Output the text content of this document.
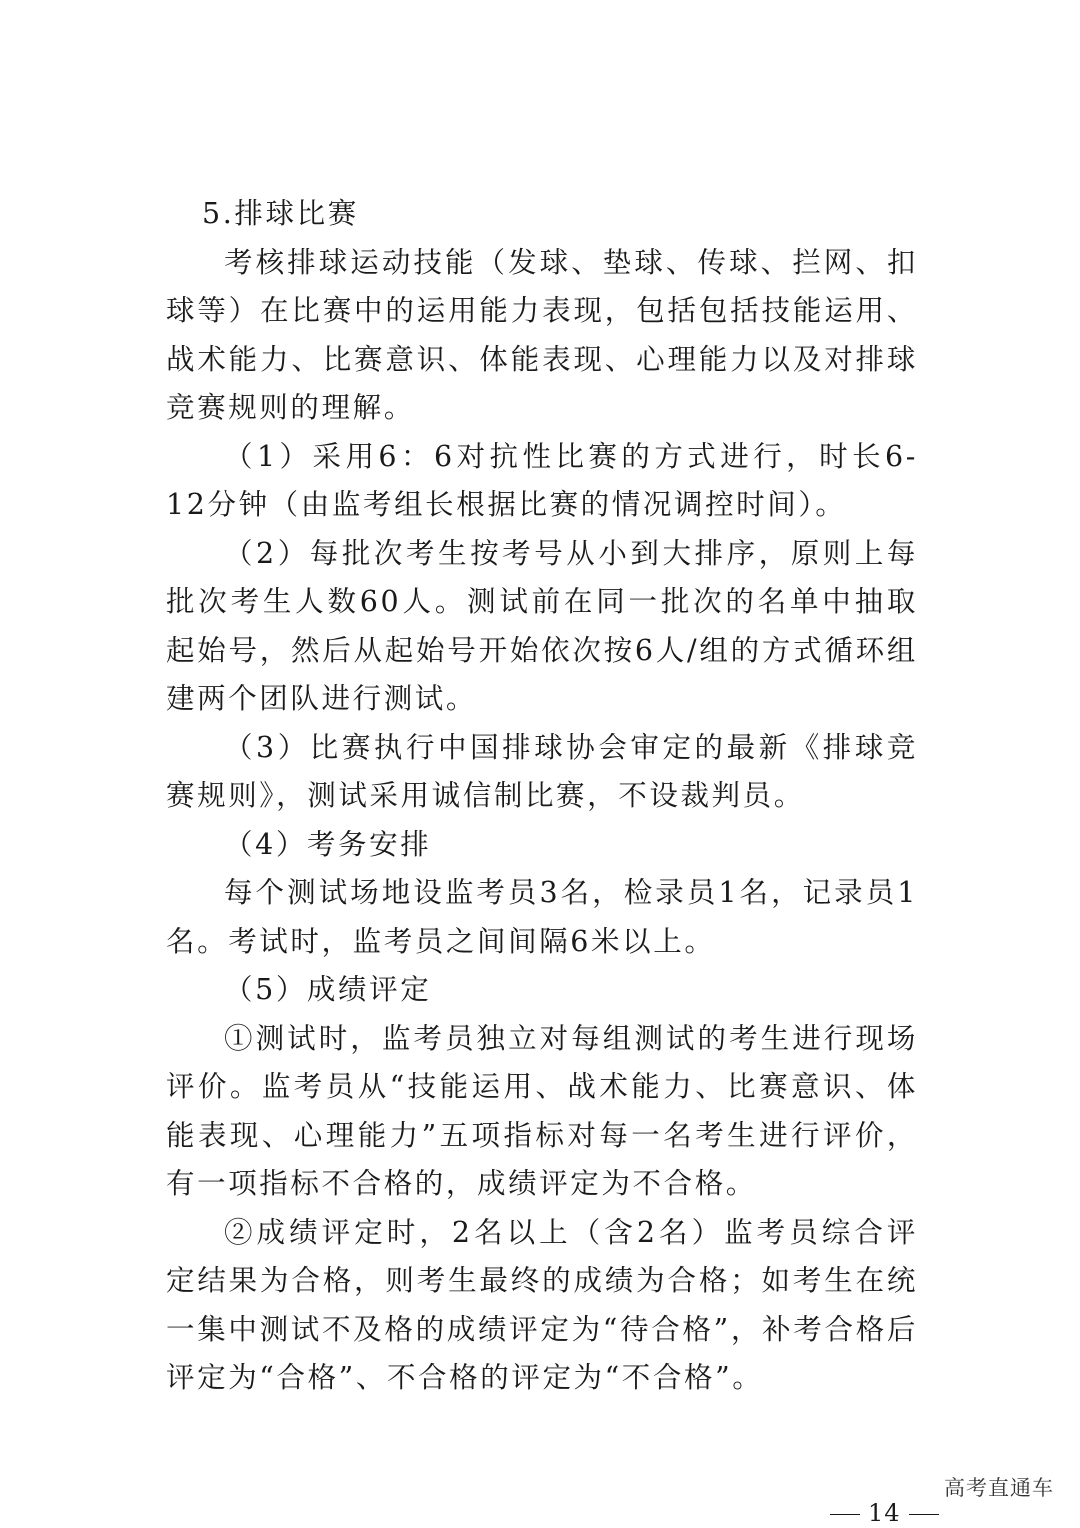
5.排球比赛

考核排球运动技能（发球、垫球、传球、拦网、扣球等）在比赛中的运用能力表现，包括包括技能运用、战术能力、比赛意识、体能表现、心理能力以及对排球竞赛规则的理解。

（1）采用6：6对抗性比赛的方式进行，时长6-12分钟（由监考组长根据比赛的情况调控时间）。

（2）每批次考生按考号从小到大排序，原则上每批次考生人数60人。测试前在同一批次的名单中抽取起始号，然后从起始号开始依次按6人/组的方式循环组建两个团队进行测试。

（3）比赛执行中国排球协会审定的最新《排球竞赛规则》，测试采用诚信制比赛，不设裁判员。

（4）考务安排

每个测试场地设监考员3名，检录员1名，记录员1名。考试时，监考员之间间隔6米以上。

（5）成绩评定

①测试时，监考员独立对每组测试的考生进行现场评价。监考员从“技能运用、战术能力、比赛意识、体能表现、心理能力”五项指标对每一名考生进行评价，有一项指标不合格的，成绩评定为不合格。

②成绩评定时，2名以上（含2名）监考员综合评定结果为合格，则考生最终的成绩为合格；如考生在统一集中测试不及格的成绩评定为“待合格”，补考合格后评定为“合格”、不合格的评定为“不合格”。

14
高考直通车
